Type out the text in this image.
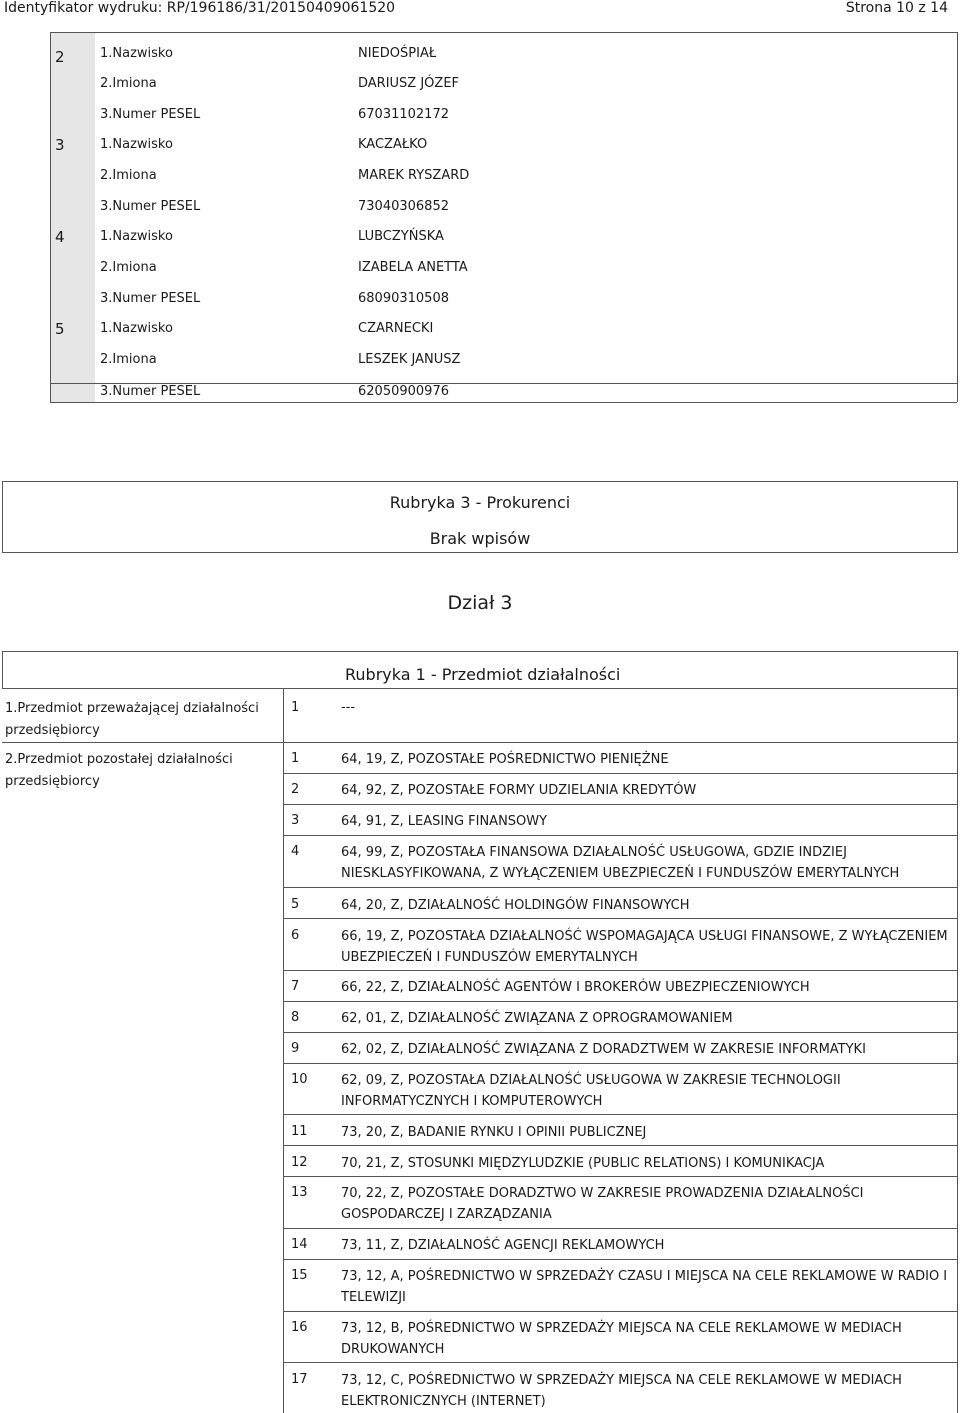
Identyfikator wydruku: RP/196186/31/20150409061520	Strona 10 z 14
2	1.Nazwisko	NIEDOŚPIAŁ
2.Imiona	DARIUSZ JÓZEF
3.Numer PESEL	67031102172
3	1.Nazwisko	KACZAŁKO
2.Imiona	MAREK RYSZARD
3.Numer PESEL	73040306852
4	1.Nazwisko	LUBCZYŃSKA
2.Imiona	IZABELA ANETTA
3.Numer PESEL	68090310508
5	1.Nazwisko	CZARNECKI
2.Imiona	LESZEK JANUSZ
3.Numer PESEL	62050900976
Rubryka 3 - Prokurenci
Brak wpisów
Dział 3
Rubryka 1 - Przedmiot działalności
1.Przedmiot przeważającej działalności przedsiębiorcy
1	---
2.Przedmiot pozostałej działalności przedsiębiorcy
1	64, 19, Z, POZOSTAŁE POŚREDNICTWO PIENIĘŻNE
2	64, 92, Z, POZOSTAŁE FORMY UDZIELANIA KREDYTÓW
3	64, 91, Z, LEASING FINANSOWY
4	64, 99, Z, POZOSTAŁA FINANSOWA DZIAŁALNOŚĆ USŁUGOWA, GDZIE INDZIEJ NIESKLASYFIKOWANA, Z WYŁĄCZENIEM UBEZPIECZEŃ I FUNDUSZÓW EMERYTALNYCH
5	64, 20, Z, DZIAŁALNOŚĆ HOLDINGÓW FINANSOWYCH
6	66, 19, Z, POZOSTAŁA DZIAŁALNOŚĆ WSPOMAGAJĄCA USŁUGI FINANSOWE, Z WYŁĄCZENIEM UBEZPIECZEŃ I FUNDUSZÓW EMERYTALNYCH
7	66, 22, Z, DZIAŁALNOŚĆ AGENTÓW I BROKERÓW UBEZPIECZENIOWYCH
8	62, 01, Z, DZIAŁALNOŚĆ ZWIĄZANA Z OPROGRAMOWANIEM
9	62, 02, Z, DZIAŁALNOŚĆ ZWIĄZANA Z DORADZTWEM W ZAKRESIE INFORMATYKI
10	62, 09, Z, POZOSTAŁA DZIAŁALNOŚĆ USŁUGOWA W ZAKRESIE TECHNOLOGII INFORMATYCZNYCH I KOMPUTEROWYCH
11	73, 20, Z, BADANIE RYNKU I OPINII PUBLICZNEJ
12	70, 21, Z, STOSUNKI MIĘDZYLUDZKIE (PUBLIC RELATIONS) I KOMUNIKACJA
13	70, 22, Z, POZOSTAŁE DORADZTWO W ZAKRESIE PROWADZENIA DZIAŁALNOŚCI GOSPODARCZEJ I ZARZĄDZANIA
14	73, 11, Z, DZIAŁALNOŚĆ AGENCJI REKLAMOWYCH
15	73, 12, A, POŚREDNICTWO W SPRZEDAŻY CZASU I MIEJSCA NA CELE REKLAMOWE W RADIO I TELEWIZJI
16	73, 12, B, POŚREDNICTWO W SPRZEDAŻY MIEJSCA NA CELE REKLAMOWE W MEDIACH DRUKOWANYCH
17	73, 12, C, POŚREDNICTWO W SPRZEDAŻY MIEJSCA NA CELE REKLAMOWE W MEDIACH ELEKTRONICZNYCH (INTERNET)
